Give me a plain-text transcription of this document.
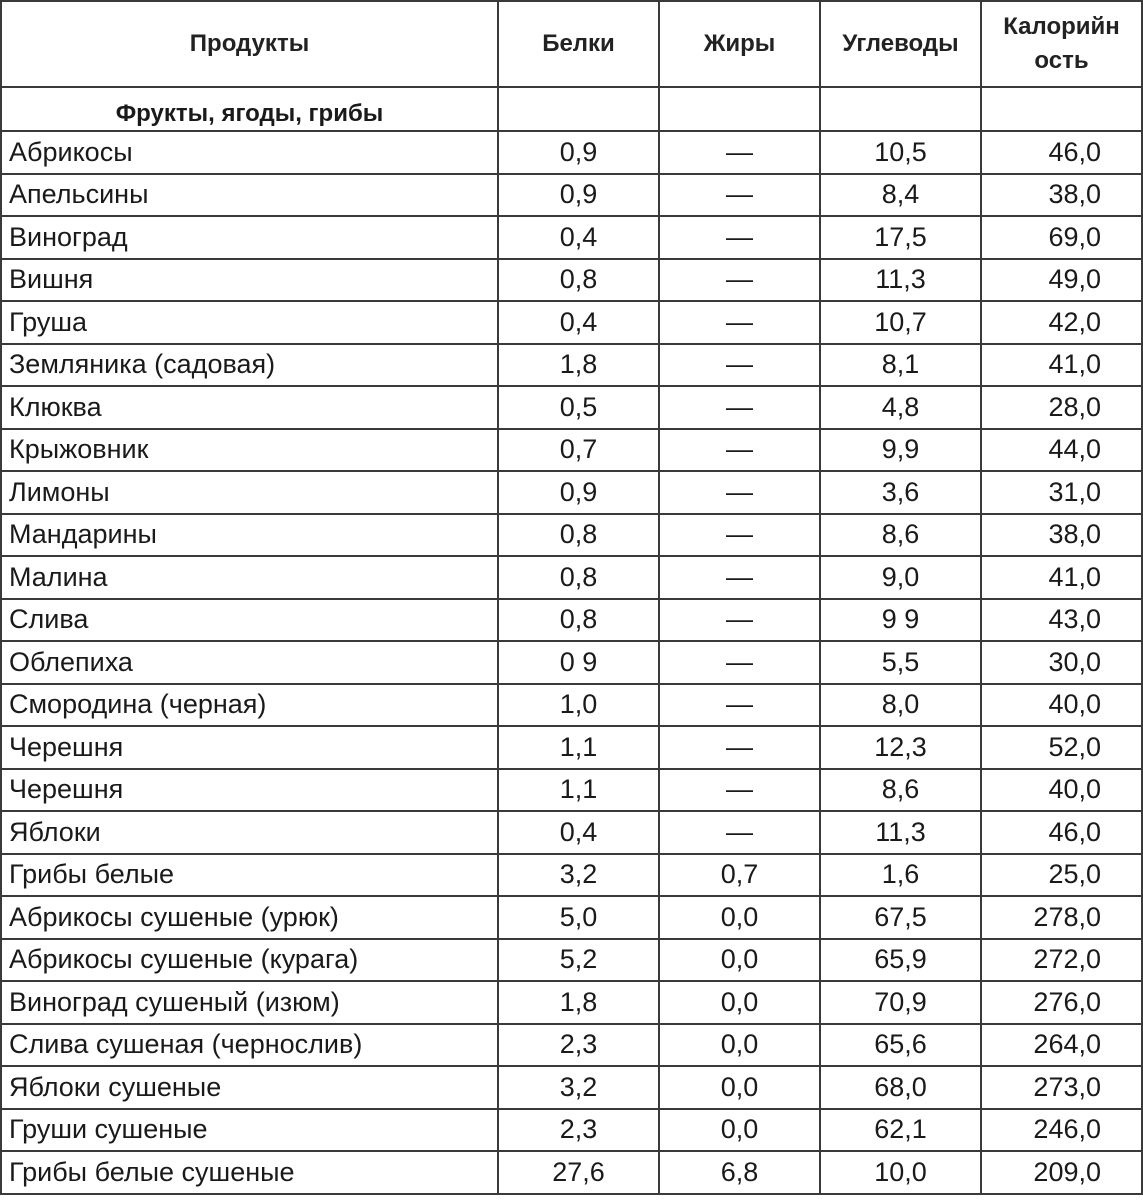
Продукты	Белки	Жиры	Углеводы	Калорийн ость
Фрукты, ягоды, грибы				
Абрикосы	0,9	—	10,5	46,0
Апельсины	0,9	—	8,4	38,0
Виноград	0,4	—	17,5	69,0
Вишня	0,8	—	11,3	49,0
Груша	0,4	—	10,7	42,0
Земляника (садовая)	1,8	—	8,1	41,0
Клюква	0,5	—	4,8	28,0
Крыжовник	0,7	—	9,9	44,0
Лимоны	0,9	—	3,6	31,0
Мандарины	0,8	—	8,6	38,0
Малина	0,8	—	9,0	41,0
Слива	0,8	—	9 9	43,0
Облепиха	0 9	—	5,5	30,0
Смородина (черная)	1,0	—	8,0	40,0
Черешня	1,1	—	12,3	52,0
Черешня	1,1	—	8,6	40,0
Яблоки	0,4	—	11,3	46,0
Грибы белые	3,2	0,7	1,6	25,0
Абрикосы сушеные (урюк)	5,0	0,0	67,5	278,0
Абрикосы сушеные (курага)	5,2	0,0	65,9	272,0
Виноград сушеный (изюм)	1,8	0,0	70,9	276,0
Слива сушеная (чернослив)	2,3	0,0	65,6	264,0
Яблоки сушеные	3,2	0,0	68,0	273,0
Груши сушеные	2,3	0,0	62,1	246,0
Грибы белые сушеные	27,6	6,8	10,0	209,0
